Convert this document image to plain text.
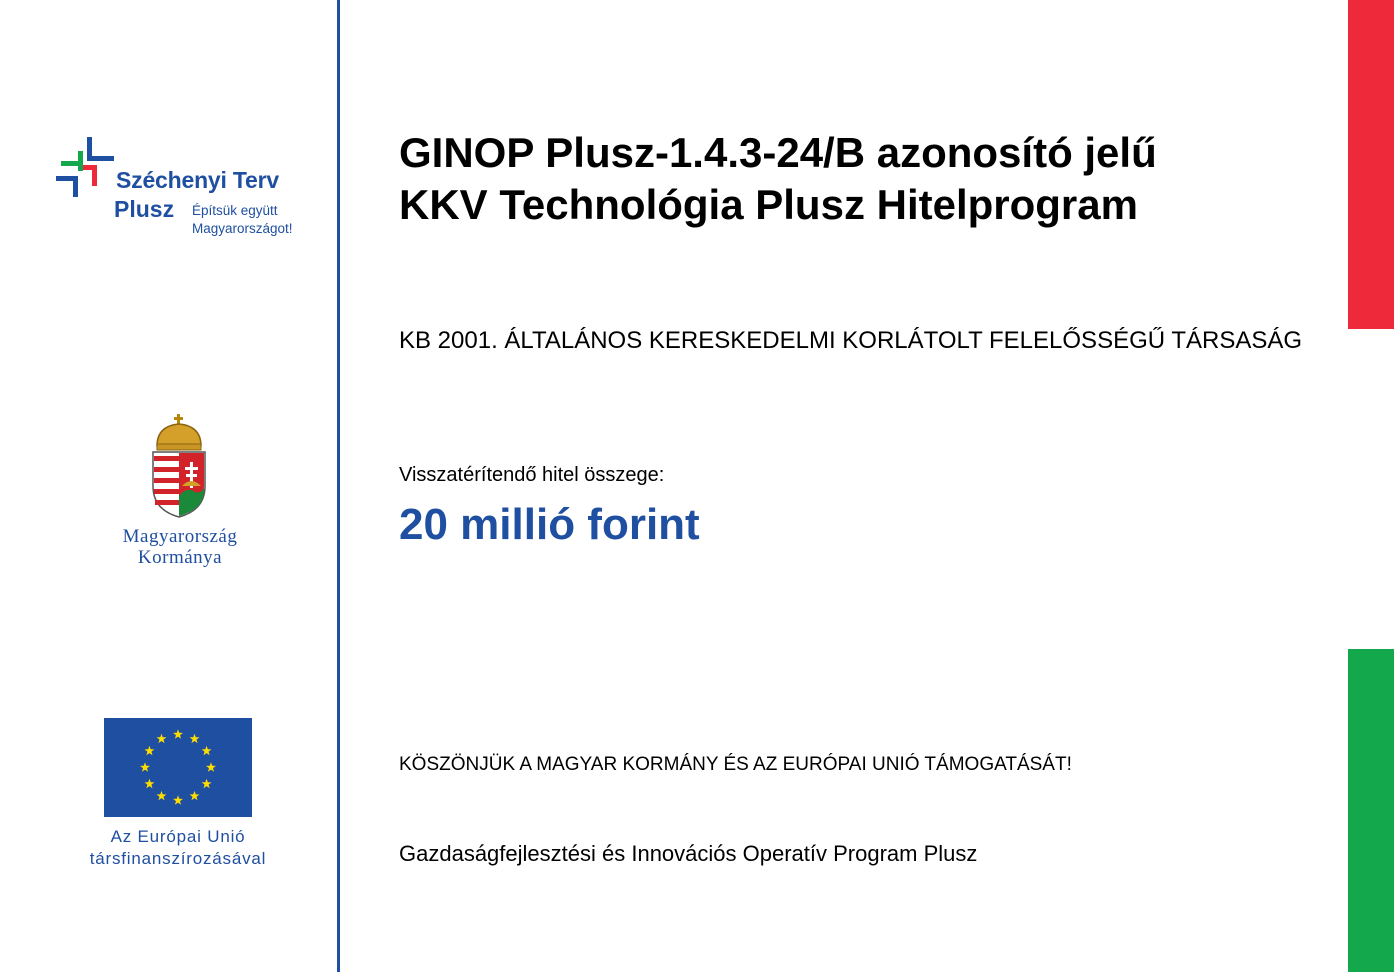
Széchenyi Terv
Plusz Építsük együtt
Magyarországot!
Magyarország
Kormánya
Az Európai Unió
társfinanszírozásával
GINOP Plusz-1.4.3-24/B azonosító jelű
KKV Technológia Plusz Hitelprogram
KB 2001. ÁLTALÁNOS KERESKEDELMI KORLÁTOLT FELELŐSSÉGŰ TÁRSASÁG
Visszatérítendő hitel összege:
20 millió forint
KÖSZÖNJÜK A MAGYAR KORMÁNY ÉS AZ EURÓPAI UNIÓ TÁMOGATÁSÁT!
Gazdaságfejlesztési és Innovációs Operatív Program Plusz
